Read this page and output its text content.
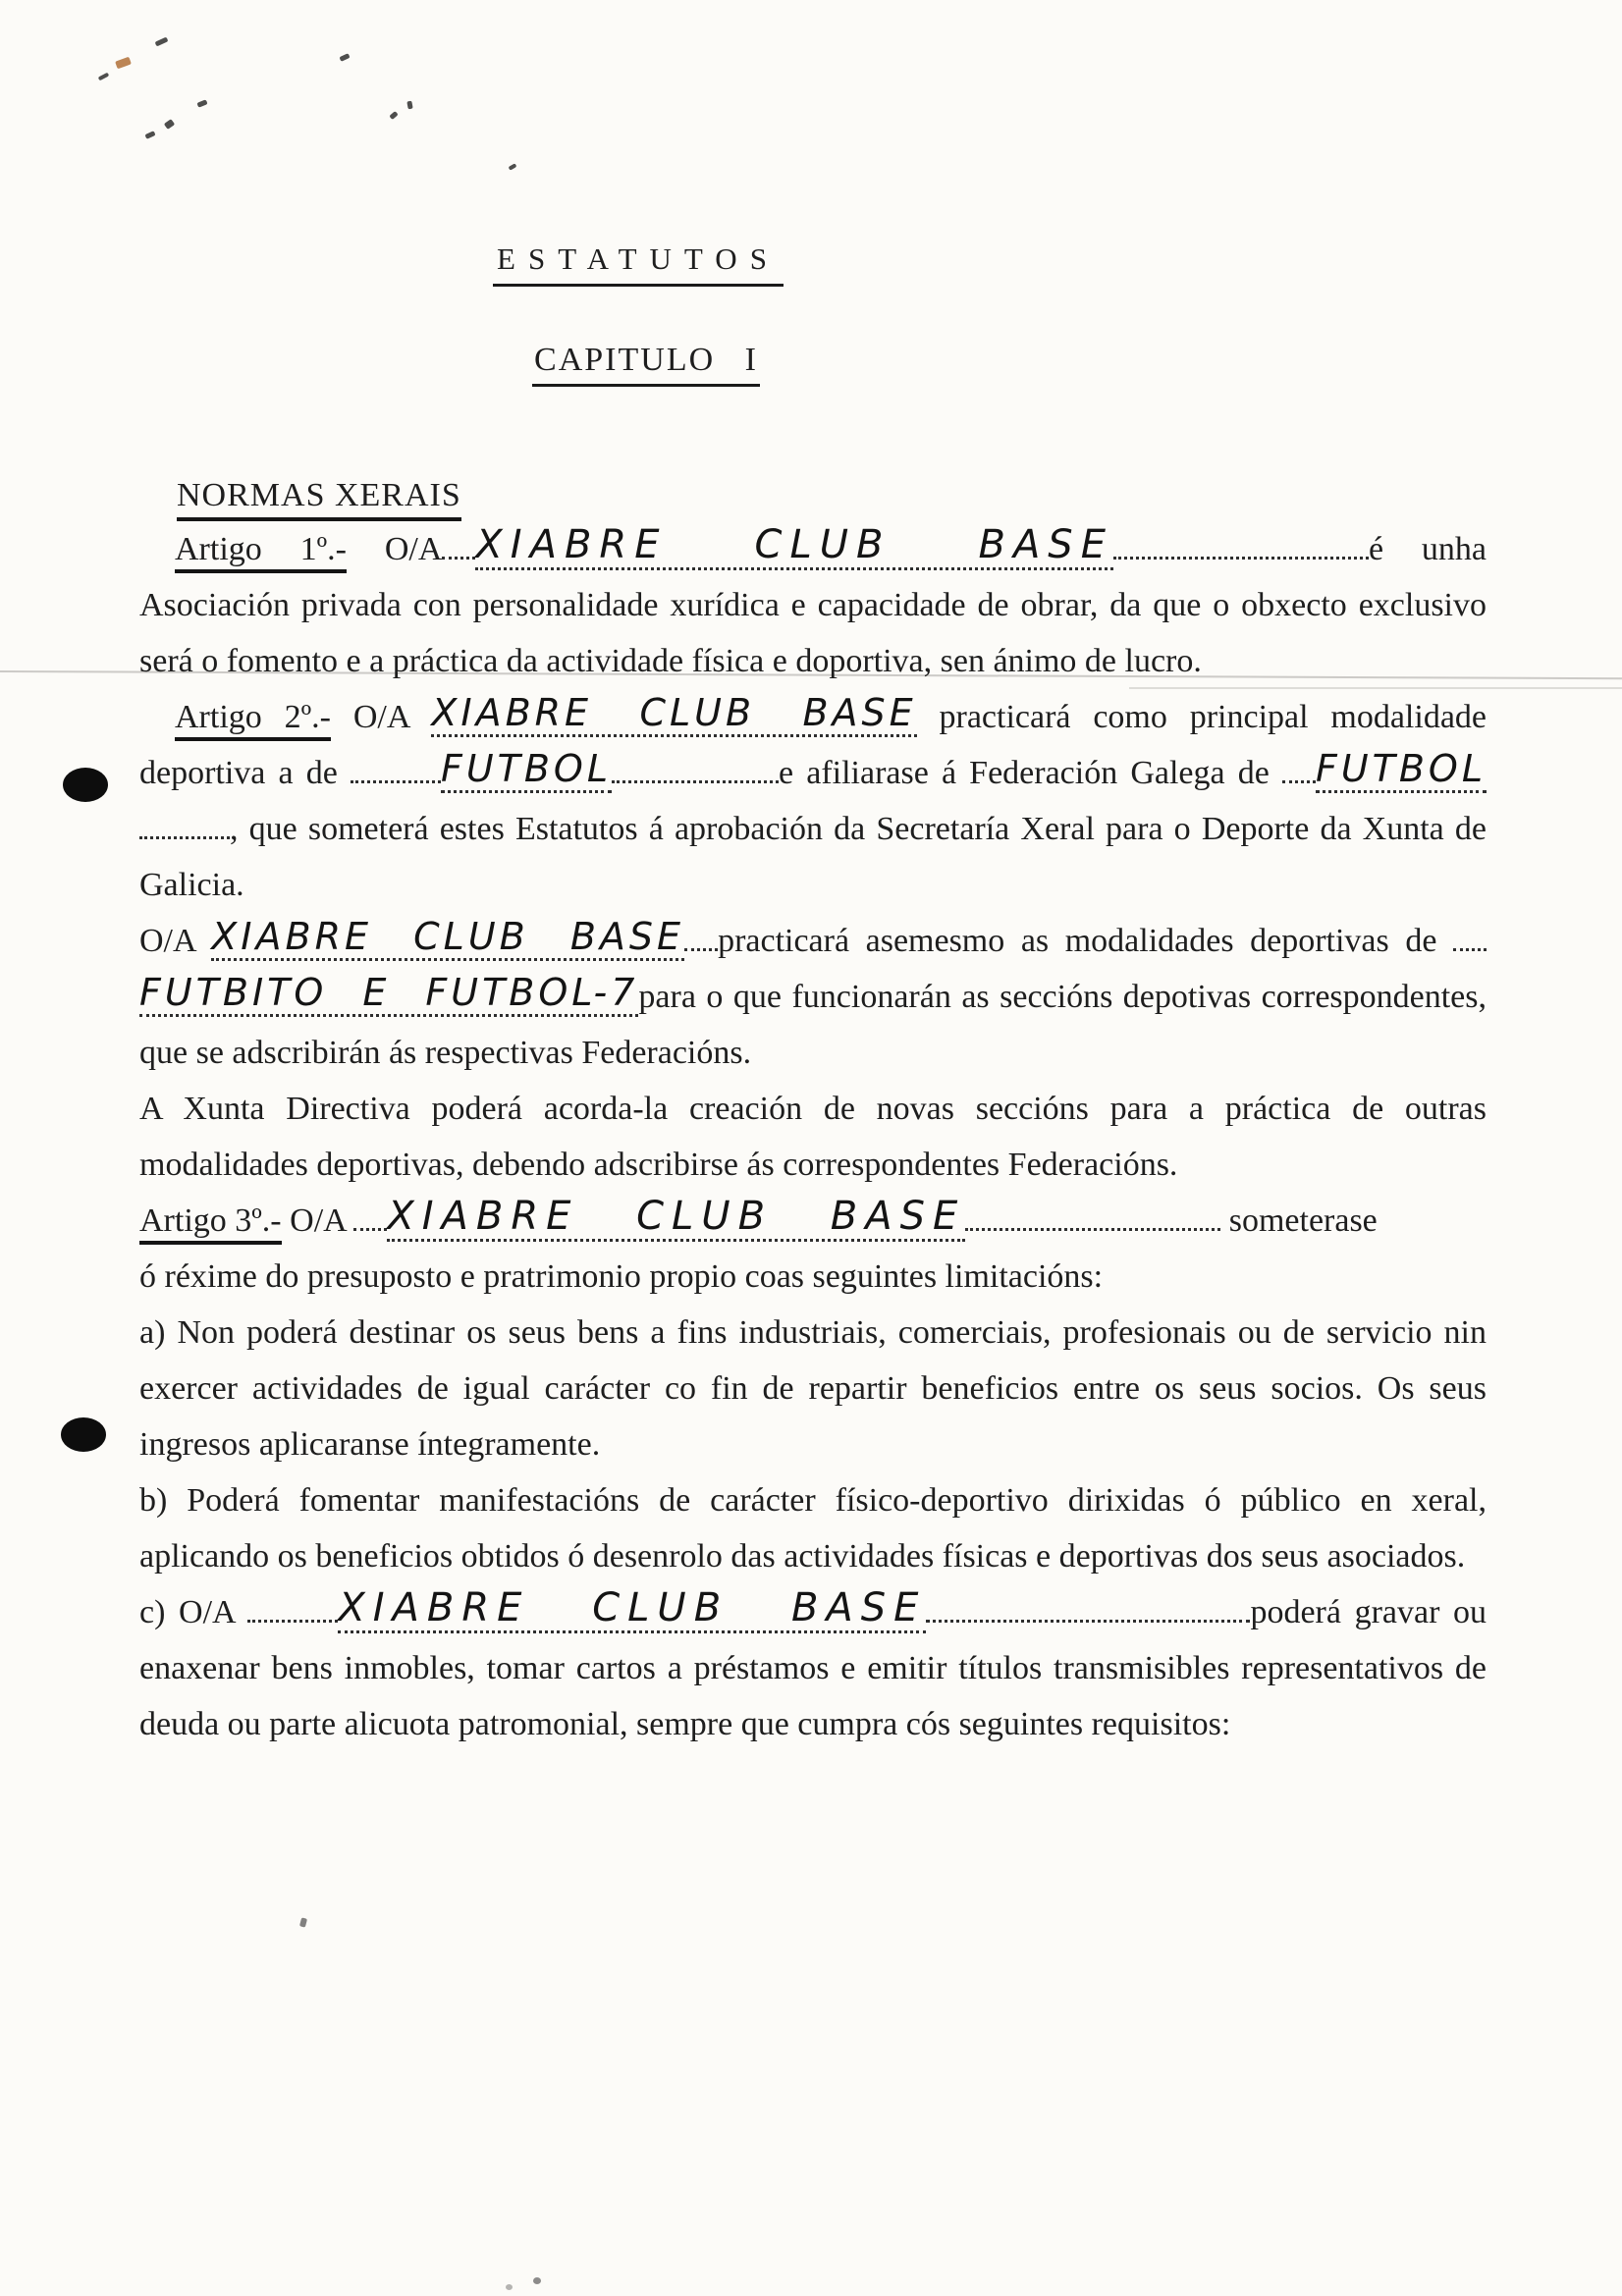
ESTATUTOS
CAPITULO I
NORMAS XERAIS

Artigo 1º.- O/A XIABRE CLUB BASE	é unha Asociación privada con personalidade xurídica e capacidade de obrar, da que o obxecto exclusivo será o fomento e a práctica da actividade física e doportiva, sen ánimo de lucro.

Artigo 2º.- O/A XIABRE CLUB BASE practicará como principal modalidade deportiva a de	FUTBOL	e afiliarase á Federación Galega de FUTBOL, que someterá estes Estatutos á aprobación da Secretaría Xeral para o Deporte da Xunta de Galicia.

O/A XIABRE CLUB BASE practicará asemesmo as modalidades deportivas de FUTBITO E FUTBOL-7para o que funcionarán as seccións depotivas correspondentes, que se adscribirán ás respectivas Federacións.

A Xunta Directiva poderá acorda-la creación de novas seccións para a práctica de outras modalidades deportivas, debendo adscribirse ás correspondentes Federacións.

Artigo 3º.- O/A XIABRE CLUB BASE	someterase

ó réxime do presuposto e pratrimonio propio coas seguintes limitacións:

a) Non poderá destinar os seus bens a fins industriais, comerciais, profesionais ou de servicio nin exercer actividades de igual carácter co fin de repartir beneficios entre os seus socios. Os seus ingresos aplicaranse íntegramente.

b) Poderá fomentar manifestacións de carácter físico-deportivo dirixidas ó público en xeral, aplicando os beneficios obtidos ó desenrolo das actividades físicas e deportivas dos seus asociados.

c) O/A	XIABRE CLUB BASE	poderá gravar ou enaxenar bens inmobles, tomar cartos a préstamos e emitir títulos transmisibles representativos de deuda ou parte alicuota patromonial, sempre que cumpra cós seguintes requisitos:
